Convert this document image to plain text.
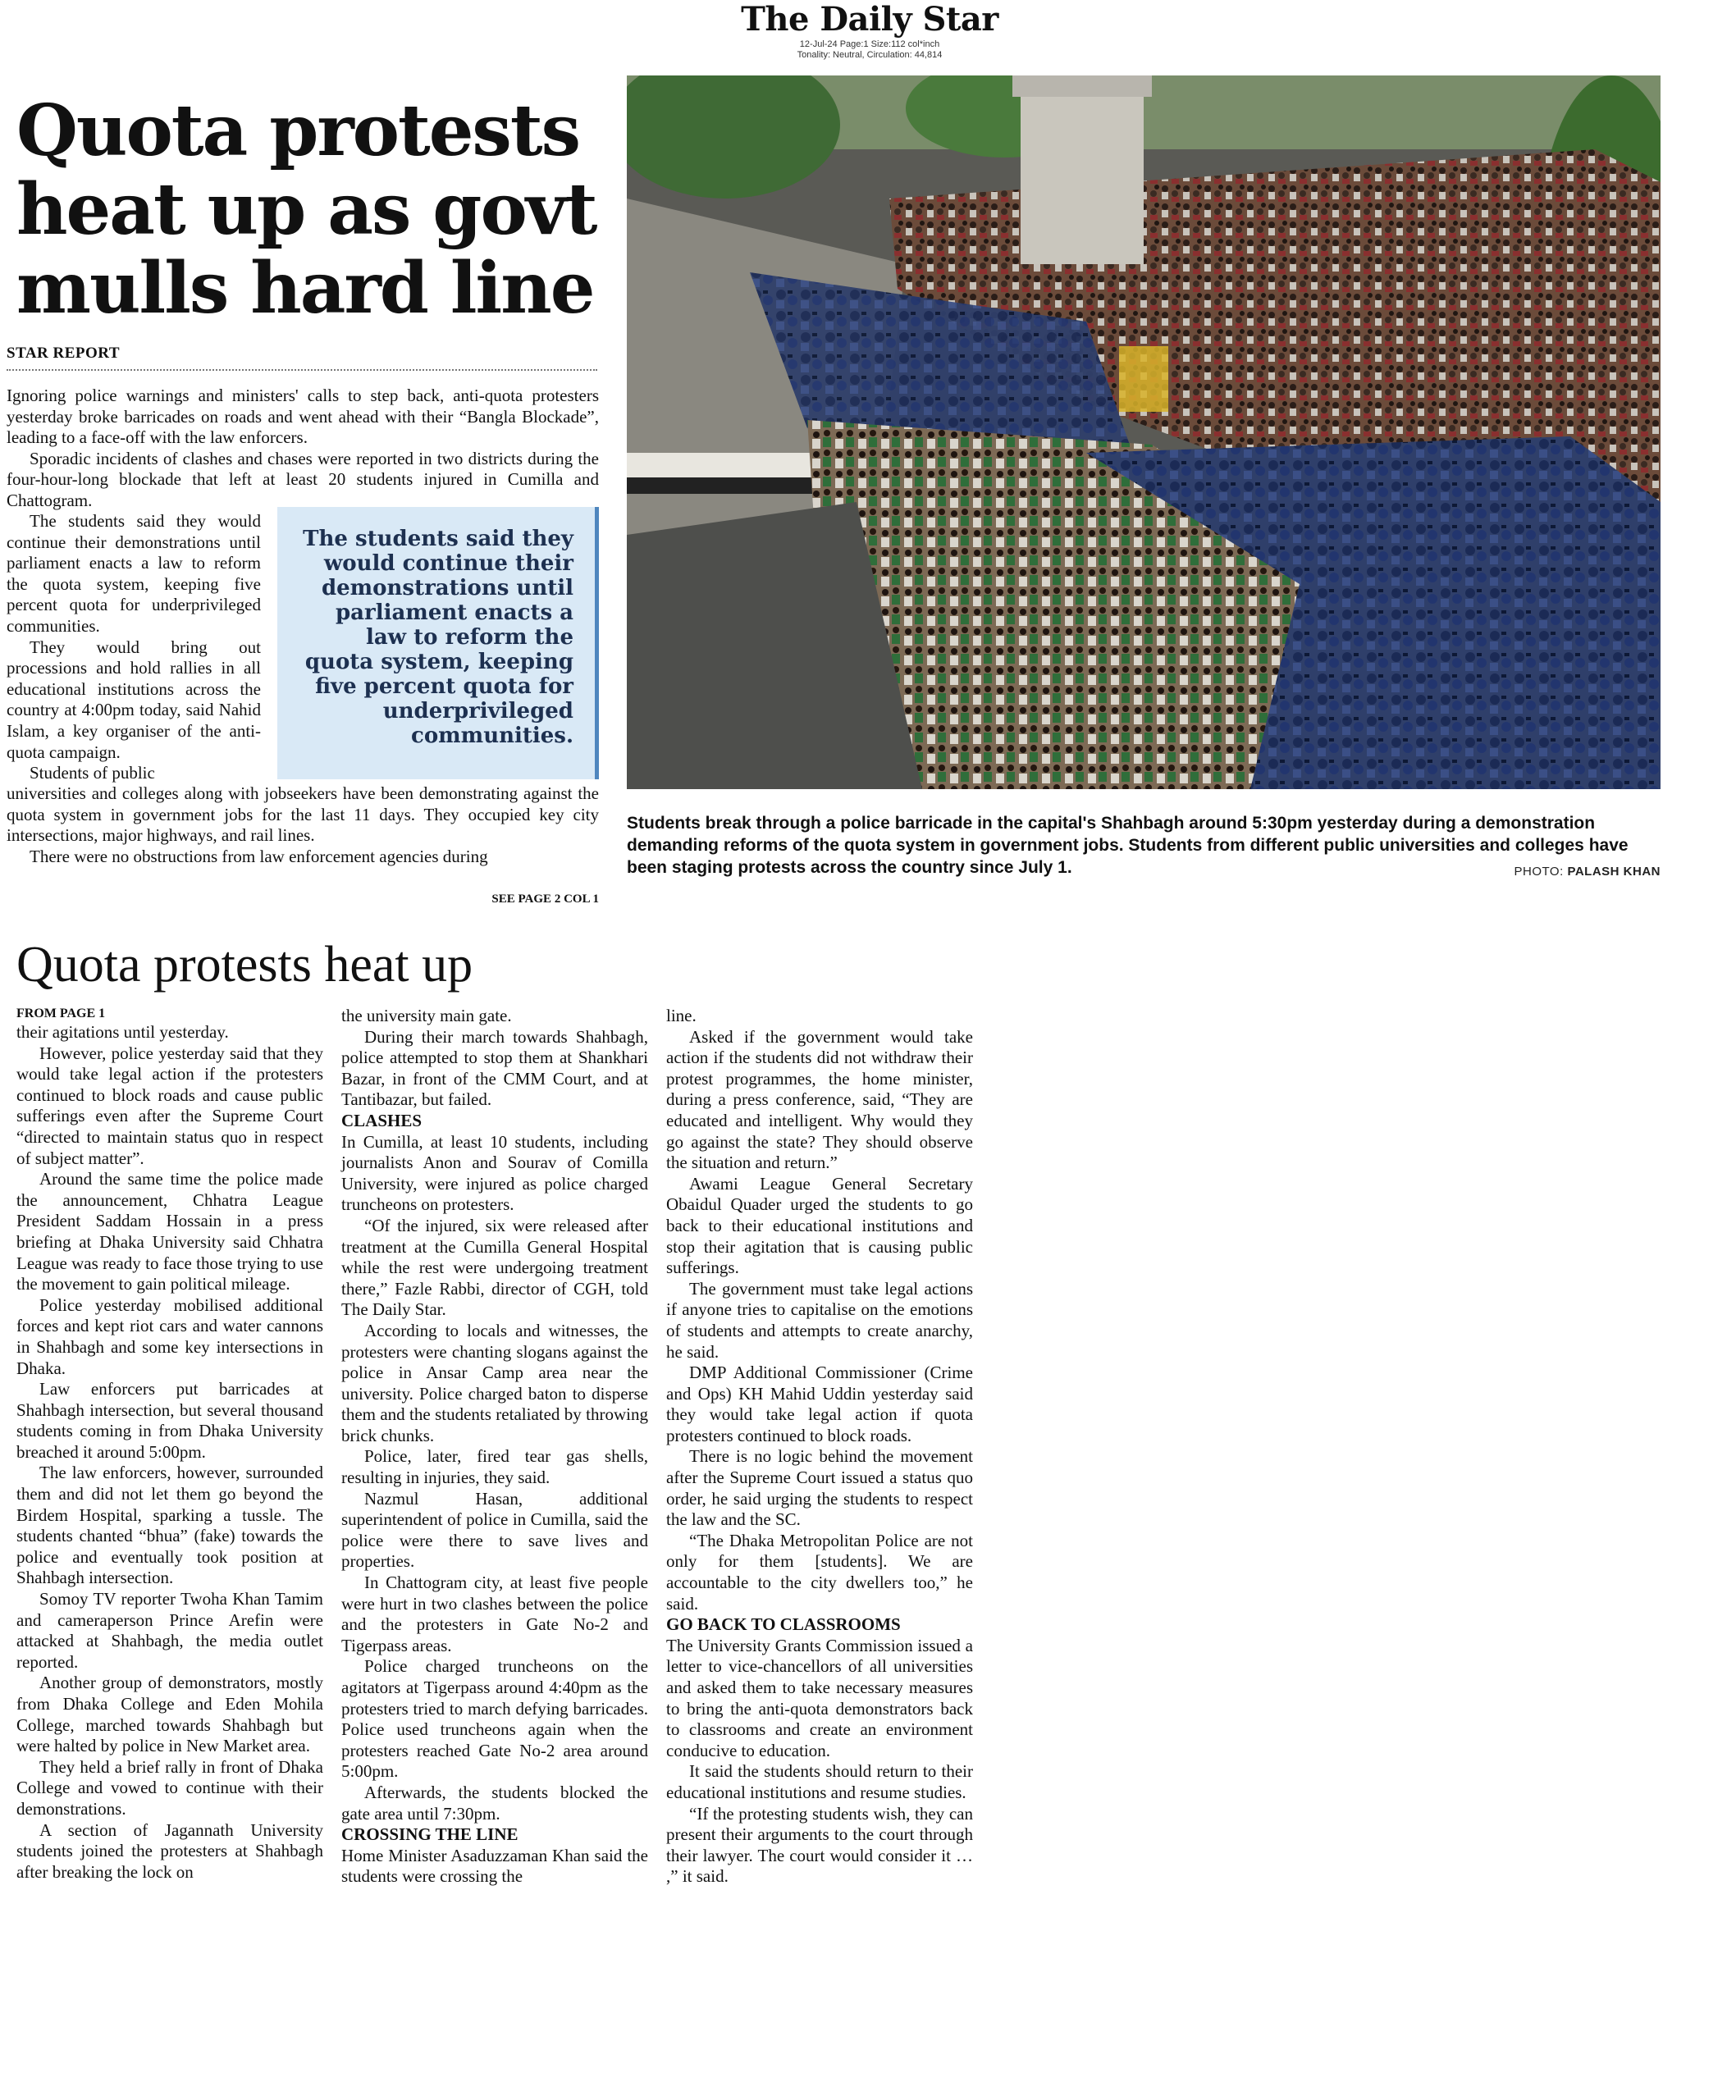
The Daily Star
12-Jul-24 Page:1 Size:112 col*inch
Tonality: Neutral, Circulation: 44,814
Quota protests heat up as govt mulls hard line
STAR REPORT

Ignoring police warnings and ministers' calls to step back, anti-quota protesters yesterday broke barricades on roads and went ahead with their “Bangla Blockade”, leading to a face-off with the law enforcers.

Sporadic incidents of clashes and chases were reported in two districts during the four-hour-long blockade that left at least 20 students injured in Cumilla and Chattogram.

The students said they would continue their demonstrations until parliament enacts a law to reform the quota system, keeping five percent quota for underprivileged communities.

They would bring out processions and hold rallies in all educational institutions across the country at 4:00pm today, said Nahid Islam, a key organiser of the anti-quota campaign.

Students of public

The students said they would continue their demonstrations until parliament enacts a law to reform the quota system, keeping five percent quota for underprivileged communities.

universities and colleges along with jobseekers have been demonstrating against the quota system in government jobs for the last 11 days. They occupied key city intersections, major highways, and rail lines.

There were no obstructions from law enforcement agencies during

SEE PAGE 2 COL 1
Students break through a police barricade in the capital's Shahbagh around 5:30pm yesterday during a demonstration demanding reforms of the quota system in government jobs. Students from different public universities and colleges have been staging protests across the country since July 1.	PHOTO: PALASH KHAN
Quota protests heat up
FROM PAGE 1

their agitations until yesterday.

However, police yesterday said that they would take legal action if the protesters continued to block roads and cause public sufferings even after the Supreme Court “directed to maintain status quo in respect of subject matter”.

Around the same time the police made the announcement, Chhatra League President Saddam Hossain in a press briefing at Dhaka University said Chhatra League was ready to face those trying to use the movement to gain political mileage.

Police yesterday mobilised additional forces and kept riot cars and water cannons in Shahbagh and some key intersections in Dhaka.

Law enforcers put barricades at Shahbagh intersection, but several thousand students coming in from Dhaka University breached it around 5:00pm.

The law enforcers, however, surrounded them and did not let them go beyond the Birdem Hospital, sparking a tussle. The students chanted “bhua” (fake) towards the police and eventually took position at Shahbagh intersection.

Somoy TV reporter Twoha Khan Tamim and cameraperson Prince Arefin were attacked at Shahbagh, the media outlet reported.

Another group of demonstrators, mostly from Dhaka College and Eden Mohila College, marched towards Shahbagh but were halted by police in New Market area.

They held a brief rally in front of Dhaka College and vowed to continue with their demonstrations.

A section of Jagannath University students joined the protesters at Shahbagh after breaking the lock on

the university main gate.

During their march towards Shahbagh, police attempted to stop them at Shankhari Bazar, in front of the CMM Court, and at Tantibazar, but failed.

CLASHES

In Cumilla, at least 10 students, including journalists Anon and Sourav of Comilla University, were injured as police charged truncheons on protesters.

“Of the injured, six were released after treatment at the Cumilla General Hospital while the rest were undergoing treatment there,” Fazle Rabbi, director of CGH, told The Daily Star.

According to locals and witnesses, the protesters were chanting slogans against the police in Ansar Camp area near the university. Police charged baton to disperse them and the students retaliated by throwing brick chunks.

Police, later, fired tear gas shells, resulting in injuries, they said.

Nazmul Hasan, additional superintendent of police in Cumilla, said the police were there to save lives and properties.

In Chattogram city, at least five people were hurt in two clashes between the police and the protesters in Gate No-2 and Tigerpass areas.

Police charged truncheons on the agitators at Tigerpass around 4:40pm as the protesters tried to march defying barricades. Police used truncheons again when the protesters reached Gate No-2 area around 5:00pm.

Afterwards, the students blocked the gate area until 7:30pm.

CROSSING THE LINE

Home Minister Asaduzzaman Khan said the students were crossing the

line.

Asked if the government would take action if the students did not withdraw their protest programmes, the home minister, during a press conference, said, “They are educated and intelligent. Why would they go against the state? They should observe the situation and return.”

Awami League General Secretary Obaidul Quader urged the students to go back to their educational institutions and stop their agitation that is causing public sufferings.

The government must take legal actions if anyone tries to capitalise on the emotions of students and attempts to create anarchy, he said.

DMP Additional Commissioner (Crime and Ops) KH Mahid Uddin yesterday said they would take legal action if quota protesters continued to block roads.

There is no logic behind the movement after the Supreme Court issued a status quo order, he said urging the students to respect the law and the SC.

“The Dhaka Metropolitan Police are not only for them [students]. We are accountable to the city dwellers too,” he said.

GO BACK TO CLASSROOMS

The University Grants Commission issued a letter to vice-chancellors of all universities and asked them to take necessary measures to bring the anti-quota demonstrators back to classrooms and create an environment conducive to education.

It said the students should return to their educational institutions and resume studies.

“If the protesting students wish, they can present their arguments to the court through their lawyer. The court would consider it … ,” it said.
